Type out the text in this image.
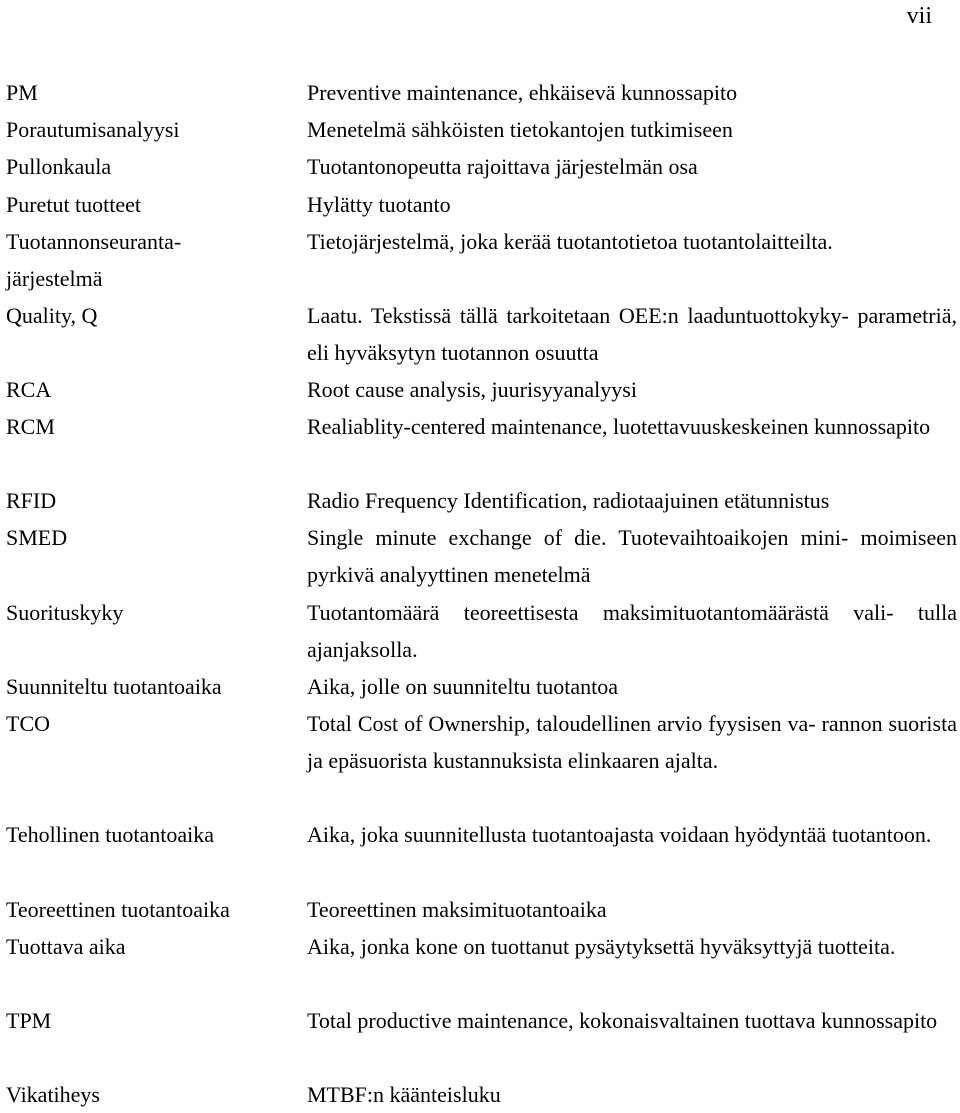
vii
PM
Porautumisanalyysi
Pullonkaula
Puretut tuotteet
Tuotannonseuranta-
järjestelmä
Quality, Q
RCA
RCM
RFID
SMED
Suorituskyky
Suunniteltu tuotantoaika
TCO
Tehollinen tuotantoaika
Teoreettinen tuotantoaika
Tuottava aika
TPM
Vikatiheys
Preventive maintenance, ehkäisevä kunnossapito
Menetelmä sähköisten tietokantojen tutkimiseen
Tuotantonopeutta rajoittava järjestelmän osa
Hylätty tuotanto
Tietojärjestelmä, joka kerää tuotantotietoa tuotantolaitteilta.
Laatu. Tekstissä tällä tarkoitetaan OEE:n laaduntuottokyky- parametriä, eli hyväksytyn tuotannon osuutta
Root cause analysis, juurisyyanalyysi
Realiablity-centered maintenance, luotettavuuskeskeinen kunnossapito
Radio Frequency Identification, radiotaajuinen etätunnistus
Single minute exchange of die. Tuotevaihtoaikojen mini- moimiseen pyrkivä analyyttinen menetelmä
Tuotantomäärä teoreettisesta maksimituotantomäärästä vali- tulla ajanjaksolla.
Aika, jolle on suunniteltu tuotantoa
Total Cost of Ownership, taloudellinen arvio fyysisen va- rannon suorista ja epäsuorista kustannuksista elinkaaren ajalta.
Aika, joka suunnitellusta tuotantoajasta voidaan hyödyntää tuotantoon.
Teoreettinen maksimituotantoaika
Aika, jonka kone on tuottanut pysäytyksettä hyväksyttyjä tuotteita.
Total productive maintenance, kokonaisvaltainen tuottava kunnossapito
MTBF:n käänteisluku
